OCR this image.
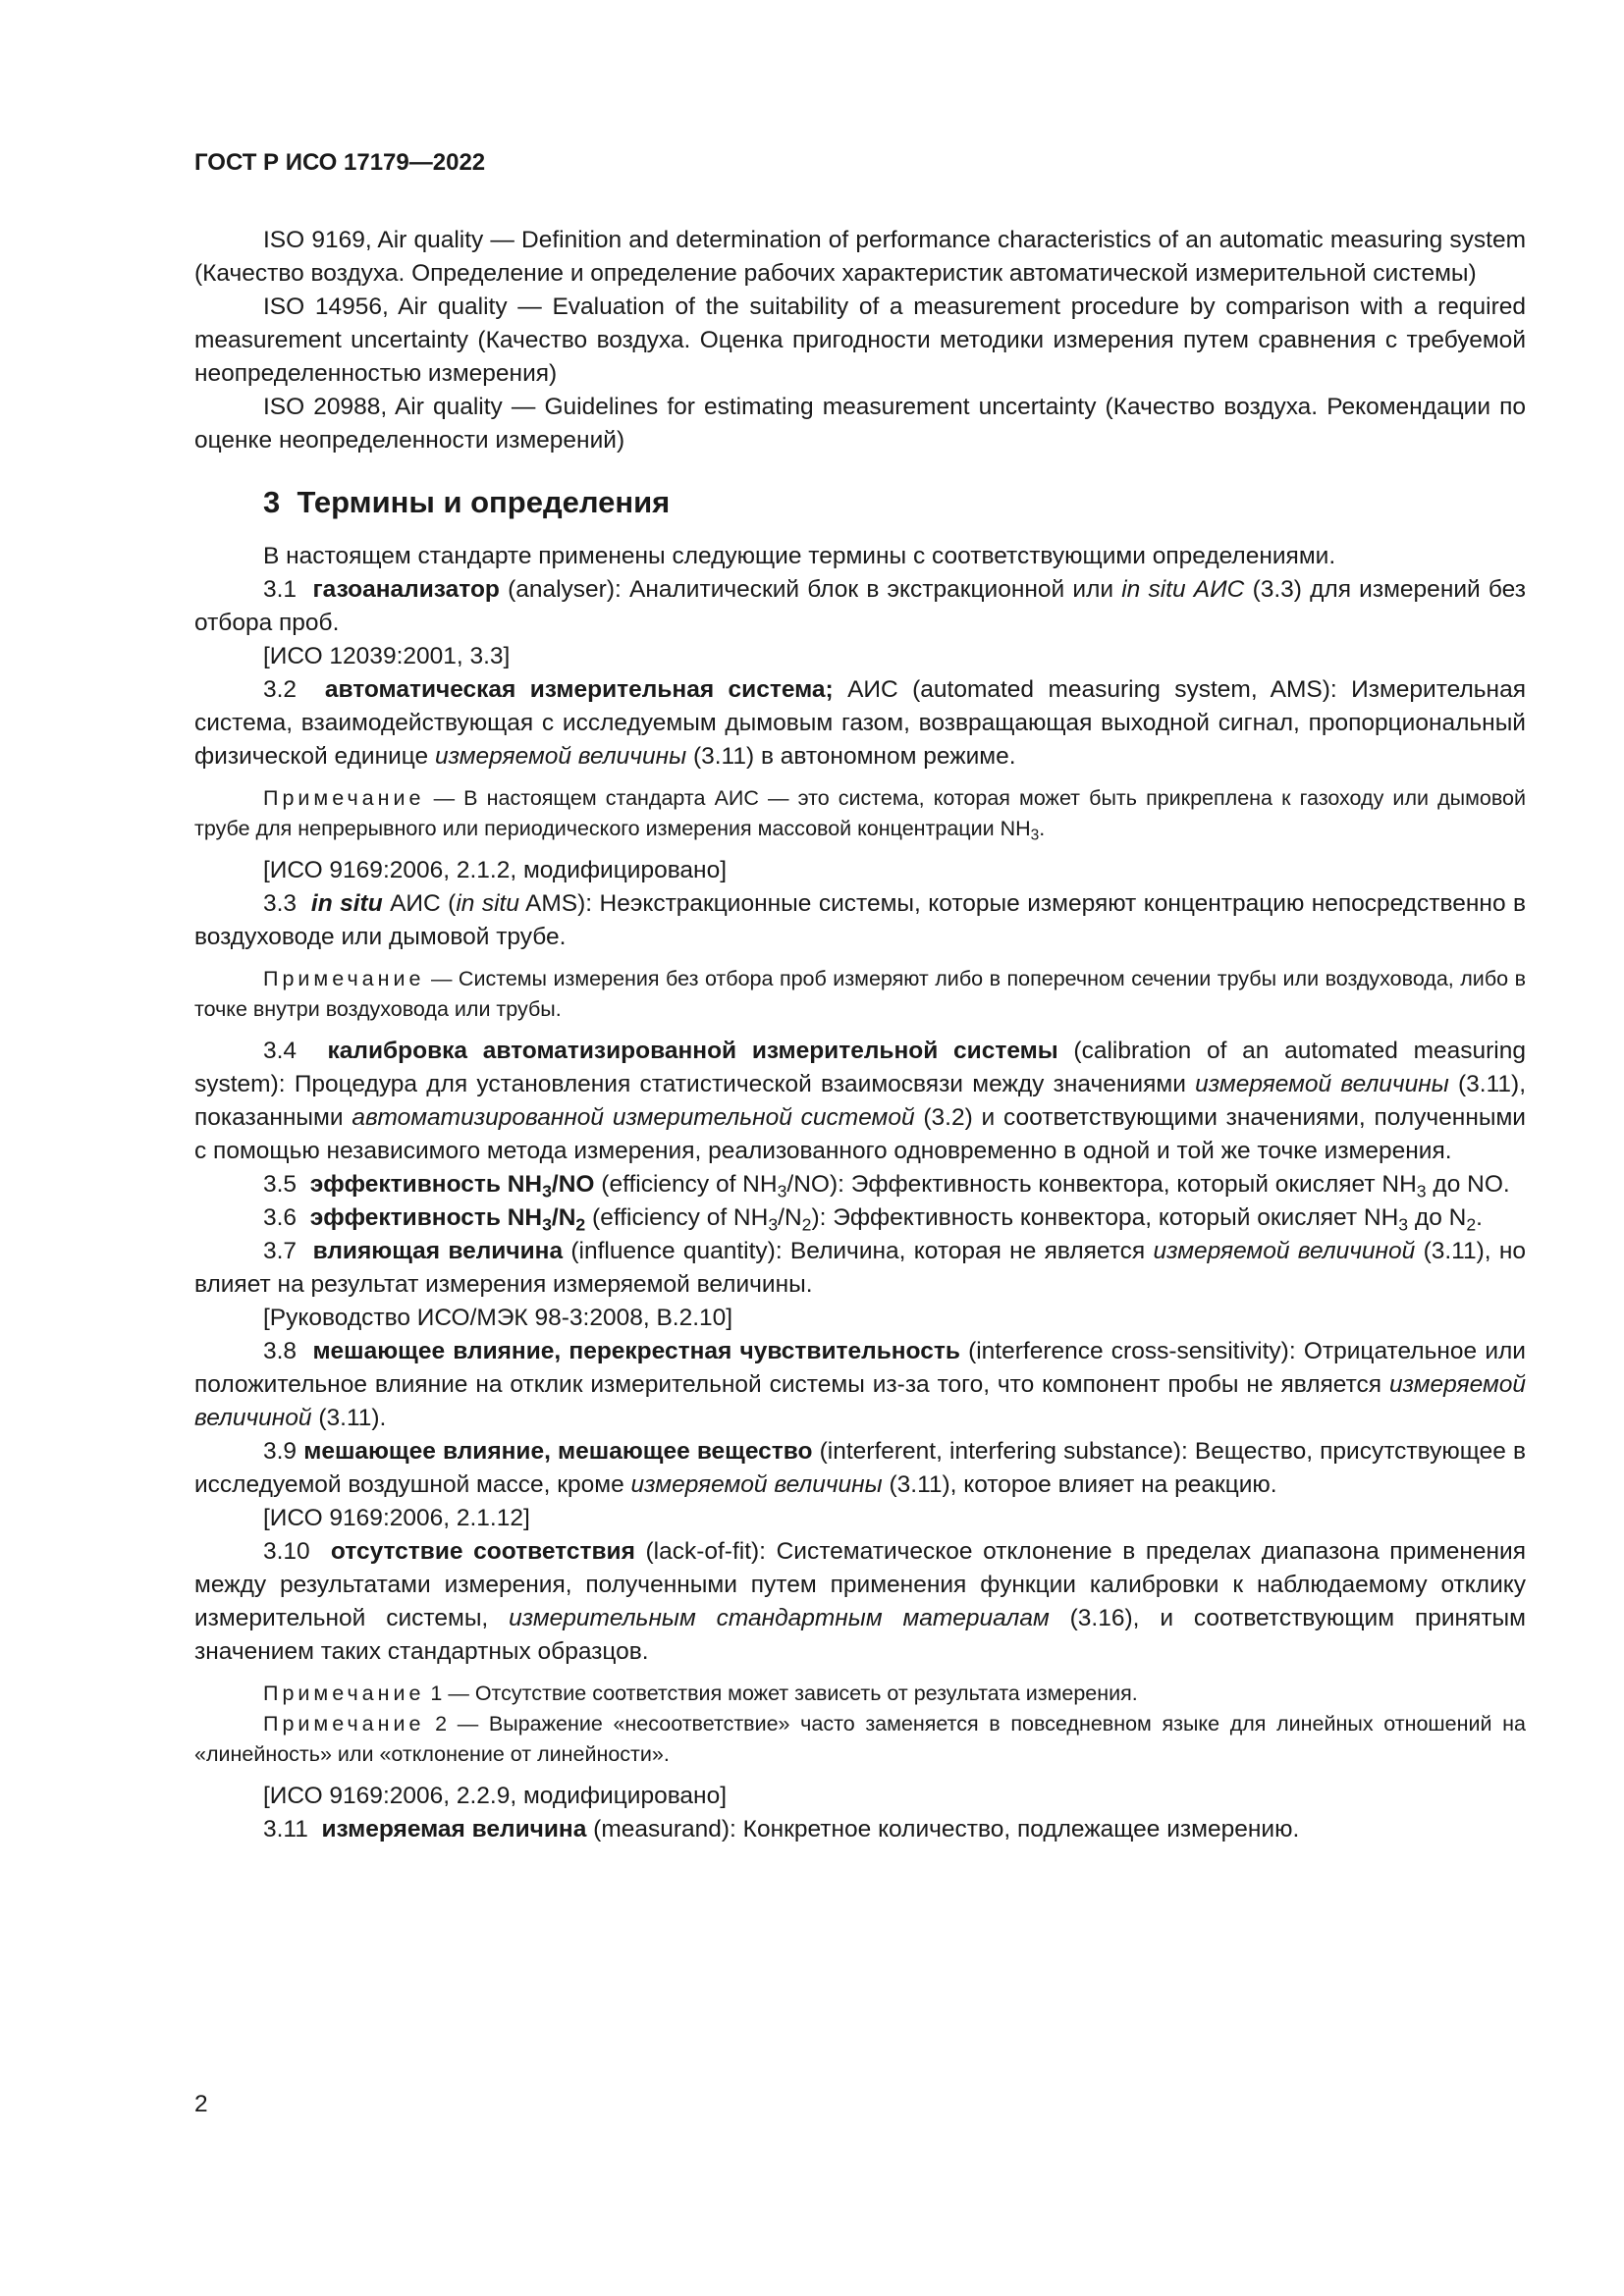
ГОСТ Р ИСО 17179—2022

ISO 9169, Air quality — Definition and determination of performance characteristics of an automatic measuring system (Качество воздуха. Определение и определение рабочих характеристик автоматической измерительной системы)

ISO 14956, Air quality — Evaluation of the suitability of a measurement procedure by comparison with a required measurement uncertainty (Качество воздуха. Оценка пригодности методики измерения путем сравнения с требуемой неопределенностью измерения)

ISO 20988, Air quality — Guidelines for estimating measurement uncertainty (Качество воздуха. Рекомендации по оценке неопределенности измерений)

3 Термины и определения

В настоящем стандарте применены следующие термины с соответствующими определениями.

3.1 газоанализатор (analyser): Аналитический блок в экстракционной или in situ АИС (3.3) для измерений без отбора проб.

[ИСО 12039:2001, 3.3]

3.2 автоматическая измерительная система; АИС (automated measuring system, AMS): Измерительная система, взаимодействующая с исследуемым дымовым газом, возвращающая выходной сигнал, пропорциональный физической единице измеряемой величины (3.11) в автономном режиме.

Примечание — В настоящем стандарта АИС — это система, которая может быть прикреплена к газоходу или дымовой трубе для непрерывного или периодического измерения массовой концентрации $NH_3$.

[ИСО 9169:2006, 2.1.2, модифицировано]

3.3 in situ АИС (in situ AMS): Неэкстракционные системы, которые измеряют концентрацию непосредственно в воздуховоде или дымовой трубе.

Примечание — Системы измерения без отбора проб измеряют либо в поперечном сечении трубы или воздуховода, либо в точке внутри воздуховода или трубы.

3.4 калибровка автоматизированной измерительной системы (calibration of an automated measuring system): Процедура для установления статистической взаимосвязи между значениями измеряемой величины (3.11), показанными автоматизированной измерительной системой (3.2) и соответствующими значениями, полученными с помощью независимого метода измерения, реализованного одновременно в одной и той же точке измерения.

3.5 эффективность $NH_3/NO$ (efficiency of $NH_3/NO$): Эффективность конвектора, который окисляет $NH_3$ до NO.

3.6 эффективность $NH_3/N_2$ (efficiency of $NH_3/N_2$): Эффективность конвектора, который окисляет $NH_3$ до $N_2$.

3.7 влияющая величина (influence quantity): Величина, которая не является измеряемой величиной (3.11), но влияет на результат измерения измеряемой величины.

[Руководство ИСО/МЭК 98-3:2008, В.2.10]

3.8 мешающее влияние, перекрестная чувствительность (interference cross-sensitivity): Отрицательное или положительное влияние на отклик измерительной системы из-за того, что компонент пробы не является измеряемой величиной (3.11).

3.9 мешающее влияние, мешающее вещество (interferent, interfering substance): Вещество, присутствующее в исследуемой воздушной массе, кроме измеряемой величины (3.11), которое влияет на реакцию.

[ИСО 9169:2006, 2.1.12]

3.10 отсутствие соответствия (lack-of-fit): Систематическое отклонение в пределах диапазона применения между результатами измерения, полученными путем применения функции калибровки к наблюдаемому отклику измерительной системы, измерительным стандартным материалам (3.16), и соответствующим принятым значением таких стандартных образцов.

Примечание 1 — Отсутствие соответствия может зависеть от результата измерения.

Примечание 2 — Выражение «несоответствие» часто заменяется в повседневном языке для линейных отношений на «линейность» или «отклонение от линейности».

[ИСО 9169:2006, 2.2.9, модифицировано]

3.11 измеряемая величина (measurand): Конкретное количество, подлежащее измерению.

2
